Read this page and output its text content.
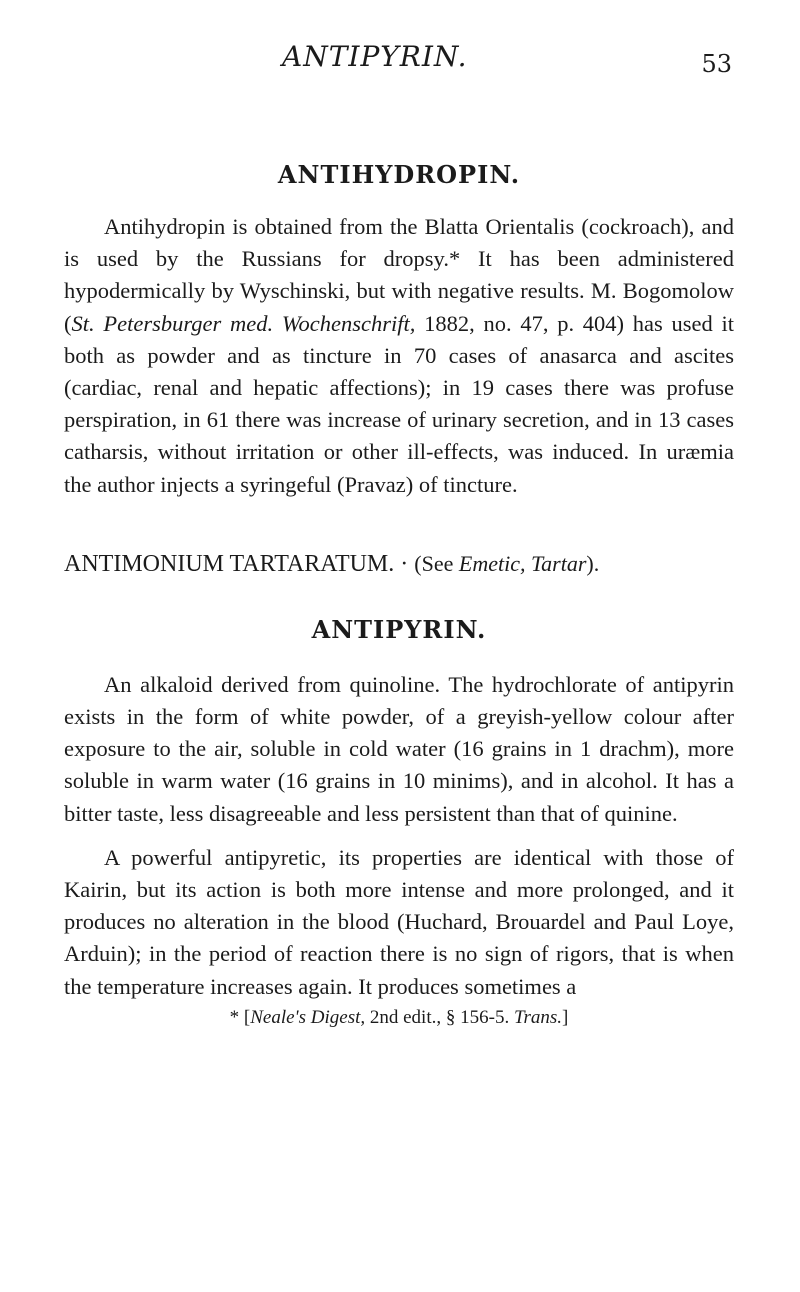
ANTIPYRIN.	53
ANTIHYDROPIN.

Antihydropin is obtained from the Blatta Orientalis (cockroach), and is used by the Russians for dropsy.* It has been administered hypodermically by Wyschinski, but with negative results. M. Bogomolow (St. Petersburger med. Wochenschrift, 1882, no. 47, p. 404) has used it both as powder and as tincture in 70 cases of anasarca and ascites (cardiac, renal and hepatic affections); in 19 cases there was profuse perspiration, in 61 there was increase of urinary secretion, and in 13 cases catharsis, without irritation or other ill-effects, was induced. In uræmia the author injects a syringeful (Pravaz) of tincture.

ANTIMONIUM TARTARATUM. · (See Emetic, Tartar).

ANTIPYRIN.

An alkaloid derived from quinoline. The hydrochlorate of antipyrin exists in the form of white powder, of a greyish-yellow colour after exposure to the air, soluble in cold water (16 grains in 1 drachm), more soluble in warm water (16 grains in 10 minims), and in alcohol. It has a bitter taste, less disagreeable and less persistent than that of quinine.

A powerful antipyretic, its properties are identical with those of Kairin, but its action is both more intense and more prolonged, and it produces no alteration in the blood (Huchard, Brouardel and Paul Loye, Arduin); in the period of reaction there is no sign of rigors, that is when the temperature increases again. It produces sometimes a

* [Neale's Digest, 2nd edit., § 156-5. Trans.]
